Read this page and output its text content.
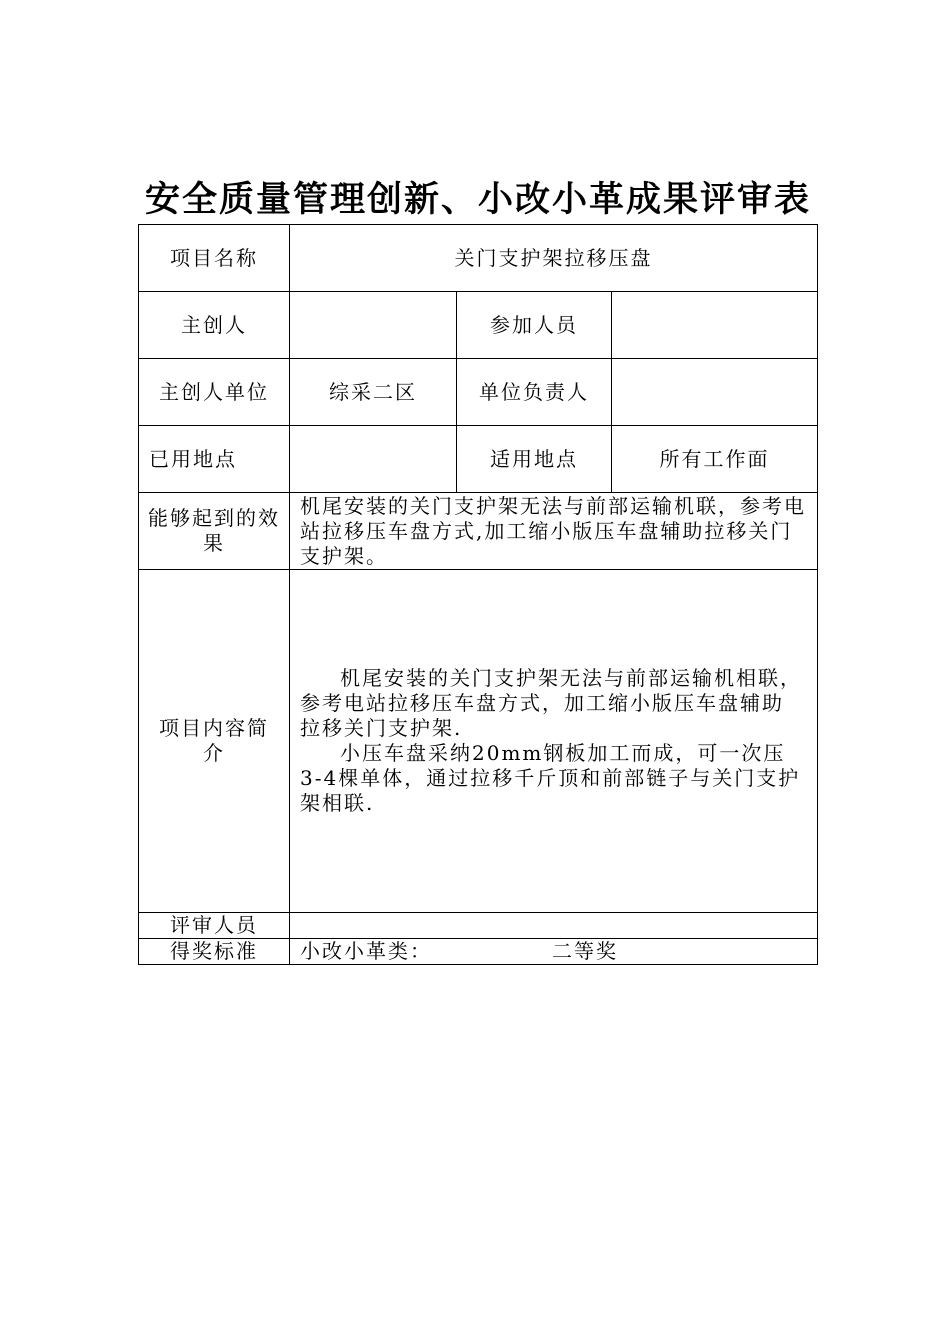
安全质量管理创新、小改小革成果评审表
项目名称	关门支护架拉移压盘		
主创人		参加人员	
主创人单位	综采二区	单位负责人	
已用地点		适用地点	所有工作面
能够起到的效果	机尾安装的关门支护架无法与前部运输机联，参考电站拉移压车盘方式,加工缩小版压车盘辅助拉移关门支护架。		
项目内容简介	机尾安装的关门支护架无法与前部运输机相联，参考电站拉移压车盘方式，加工缩小版压车盘辅助拉移关门支护架.

小压车盘采纳20mm钢板加工而成，可一次压3-4棵单体，通过拉移千斤顶和前部链子与关门支护架相联.		

评审人员			
得奖标准	小改小革类： 二等奖		
